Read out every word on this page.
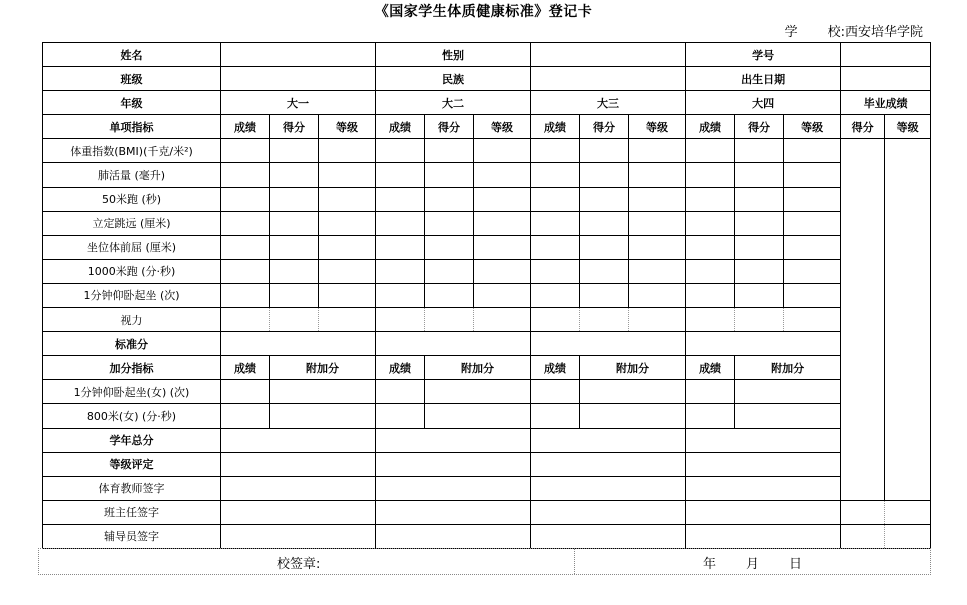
《国家学生体质健康标准》登记卡
学 校:西安培华学院
姓名				性别						学号				
班级				民族						出生日期				
年级	大一			大二			大三			大四			毕业成绩	
单项指标	成绩	得分	等级	成绩	得分	等级	成绩	得分	等级	成绩	得分	等级	得分	等级
体重指数(BMI)(千克/米²)														
肺活量 (毫升)														
50米跑 (秒)														
立定跳远 (厘米)														
坐位体前屈 (厘米)														
1000米跑 (分·秒)														
1分钟仰卧起坐 (次)														
视力														
标准分														
加分指标	成绩	附加分		成绩	附加分		成绩	附加分		成绩	附加分			
1分钟仰卧起坐(女) (次)														
800米(女) (分·秒)														
学年总分														
等级评定														
体育教师签字														
班主任签字														
辅导员签字														
校签章:	年 月 日
